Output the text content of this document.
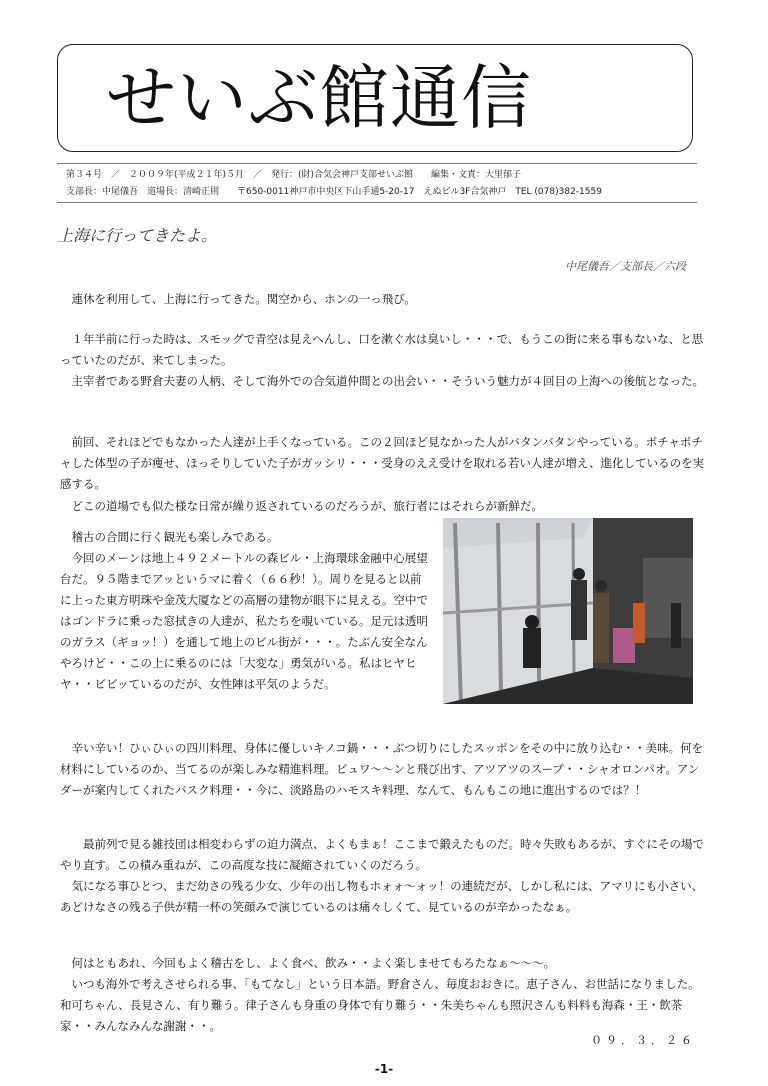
せいぶ館通信
第３４号　／　２００９年(平成２１年)５月　／　発行：(財)合気会神戸支部せいぶ館　　編集・文責：大里郁子
支部長：中尾儀吾　道場長：清崎正則　　〒650-0011神戸市中央区下山手通5-20-17　えぬビル3F合気神戸　TEL (078)382-1559
上海に行ってきたよ。
中尾儀吾／支部長／六段

　連休を利用して、上海に行ってきた。関空から、ホンの一っ飛び。

　１年半前に行った時は、スモッグで青空は見えへんし、口を漱ぐ水は臭いし・・・で、もうこの街に来る事もないな、と思っていたのだが、来てしまった。

　主宰者である野倉夫妻の人柄、そして海外での合気道仲間との出会い・・そういう魅力が４回目の上海への後航となった。

　前回、それほどでもなかった人達が上手くなっている。この２回ほど見なかった人がバタンバタンやっている。ポチャポチャした体型の子が痩せ、ほっそりしていた子がガッシリ・・・受身のええ受けを取れる若い人達が増え、進化しているのを実感する。

　どこの道場でも似た様な日常が繰り返されているのだろうが、旅行者にはそれらが新鮮だ。

　稽古の合間に行く観光も楽しみである。

　今回のメーンは地上４９２メートルの森ビル・上海環球金融中心展望台だ。９５階までアッというマに着く（６６秒！）。周りを見ると以前に上った東方明珠や金茂大厦などの高層の建物が眼下に見える。空中ではゴンドラに乗った窓拭きの人達が、私たちを覗いている。足元は透明のガラス（ギョッ！）を通して地上のビル街が・・・。たぶん安全なんやろけど・・この上に乗るのには「大変な」勇気がいる。私はヒヤヒヤ・・ビビッているのだが、女性陣は平気のようだ。

　辛い辛い！ひぃひぃの四川料理、身体に優しいキノコ鍋・・・ぶつ切りにしたスッポンをその中に放り込む・・美味。何を材料にしているのか、当てるのが楽しみな精進料理。ピュワ～～ンと飛び出す、アツアツのスープ・・シャオロンパオ。アンダーが案内してくれたバスク料理・・今に、淡路島のハモスキ料理、なんて、もんもこの地に進出するのでは？！

　　最前列で見る雑技団は相変わらずの迫力満点、よくもまぁ！ここまで鍛えたものだ。時々失敗もあるが、すぐにその場でやり直す。この積み重ねが、この高度な技に凝縮されていくのだろう。

　気になる事ひとつ、まだ幼さの残る少女、少年の出し物もホォォ～ォッ！の連続だが、しかし私には、アマリにも小さい、あどけなさの残る子供が精一杯の笑顔みで演じているのは痛々しくて、見ているのが辛かったなぁ。

　何はともあれ、今回もよく稽古をし、よく食べ、飲み・・よく楽しませてもろたなぁ～～～。

　いつも海外で考えさせられる事、「もてなし」という日本語。野倉さん、毎度おおきに。恵子さん、お世話になりました。和可ちゃん、長見さん、有り難う。律子さんも身重の身体で有り難う・・朱美ちゃんも照沢さんも料料も海森・王・飲茶家・・みんなみんな謝謝・・。

０９．３．２６
-1-
